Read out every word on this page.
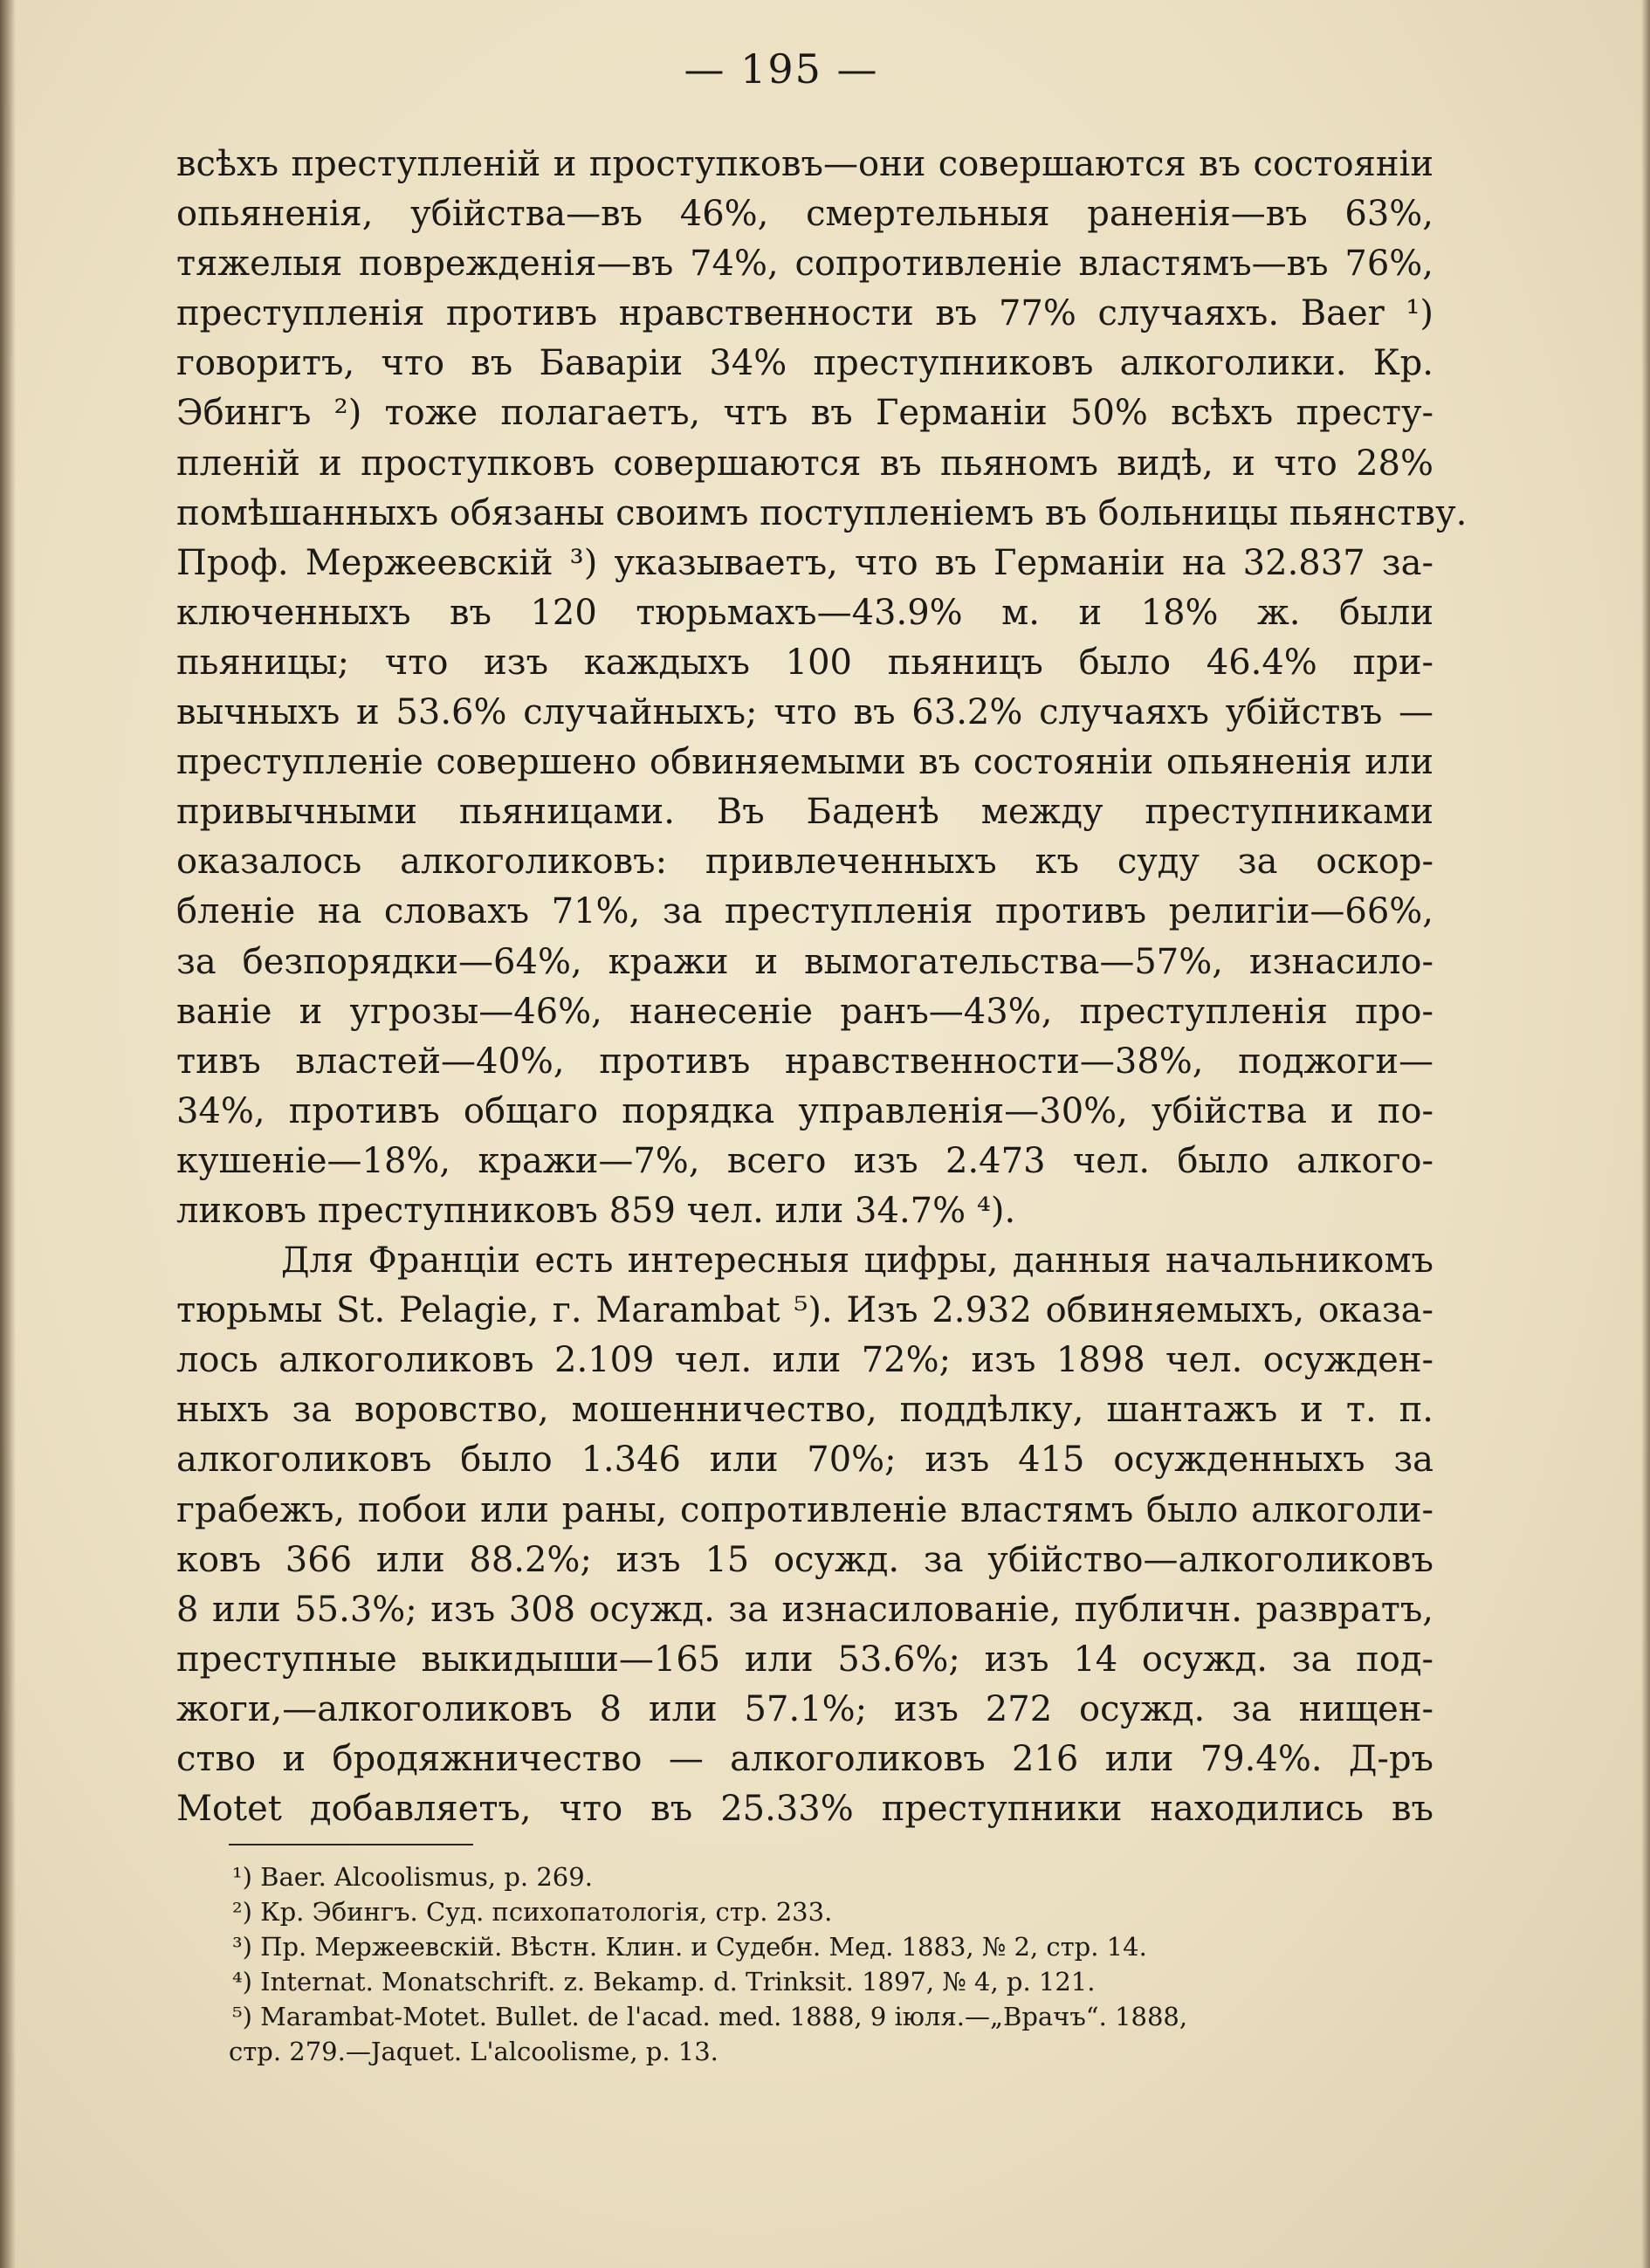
— 195 —
всѣхъ преступленій и проступковъ—они совершаются въ состояніи
опьяненія, убійства—въ 46%, смертельныя раненія—въ 63%,
тяжелыя поврежденія—въ 74%, сопротивленіе властямъ—въ 76%,
преступленія противъ нравственности въ 77% случаяхъ. Baer ¹)
говоритъ, что въ Баваріи 34% преступниковъ алкоголики. Кр.
Эбингъ ²) тоже полагаетъ, чтъ въ Германіи 50% всѣхъ престу-
пленій и проступковъ совершаются въ пьяномъ видѣ, и что 28%
помѣшанныхъ обязаны своимъ поступленіемъ въ больницы пьянству.
Проф. Мержеевскій ³) указываетъ, что въ Германіи на 32.837 за-
ключенныхъ въ 120 тюрьмахъ—43.9% м. и 18% ж. были
пьяницы; что изъ каждыхъ 100 пьяницъ было 46.4% при-
вычныхъ и 53.6% случайныхъ; что въ 63.2% случаяхъ убійствъ —
преступленіе совершено обвиняемыми въ состояніи опьяненія или
привычными пьяницами. Въ Баденѣ между преступниками
оказалось алкоголиковъ: привлеченныхъ къ суду за оскор-
бленіе на словахъ 71%, за преступленія противъ религіи—66%,
за безпорядки—64%, кражи и вымогательства—57%, изнасило-
ваніе и угрозы—46%, нанесеніе ранъ—43%, преступленія про-
тивъ властей—40%, противъ нравственности—38%, поджоги—
34%, противъ общаго порядка управленія—30%, убійства и по-
кушеніе—18%, кражи—7%, всего изъ 2.473 чел. было алкого-
ликовъ преступниковъ 859 чел. или 34.7% ⁴).
Для Франціи есть интересныя цифры, данныя начальникомъ
тюрьмы St. Pelagie, г. Marambat ⁵). Изъ 2.932 обвиняемыхъ, оказа-
лось алкоголиковъ 2.109 чел. или 72%; изъ 1898 чел. осужден-
ныхъ за воровство, мошенничество, поддѣлку, шантажъ и т. п.
алкоголиковъ было 1.346 или 70%; изъ 415 осужденныхъ за
грабежъ, побои или раны, сопротивленіе властямъ было алкоголи-
ковъ 366 или 88.2%; изъ 15 осужд. за убійство—алкоголиковъ
8 или 55.3%; изъ 308 осужд. за изнасилованіе, публичн. развратъ,
преступные выкидыши—165 или 53.6%; изъ 14 осужд. за под-
жоги,—алкоголиковъ 8 или 57.1%; изъ 272 осужд. за нищен-
ство и бродяжничество — алкоголиковъ 216 или 79.4%. Д-ръ
Motet добавляетъ, что въ 25.33% преступники находились въ
¹) Baer. Alcoolismus, p. 269.
²) Кр. Эбингъ. Суд. психопатологія, стр. 233.
³) Пр. Мержеевскій. Вѣстн. Клин. и Судебн. Мед. 1883, № 2, стр. 14.
⁴) Internat. Monatschrift. z. Bekamp. d. Trinksit. 1897, № 4, p. 121.
⁵) Marambat-Motet. Bullet. de l'acad. med. 1888, 9 іюля.—„Врачъ“. 1888,
стр. 279.—Jaquet. L'alcoolisme, p. 13.
